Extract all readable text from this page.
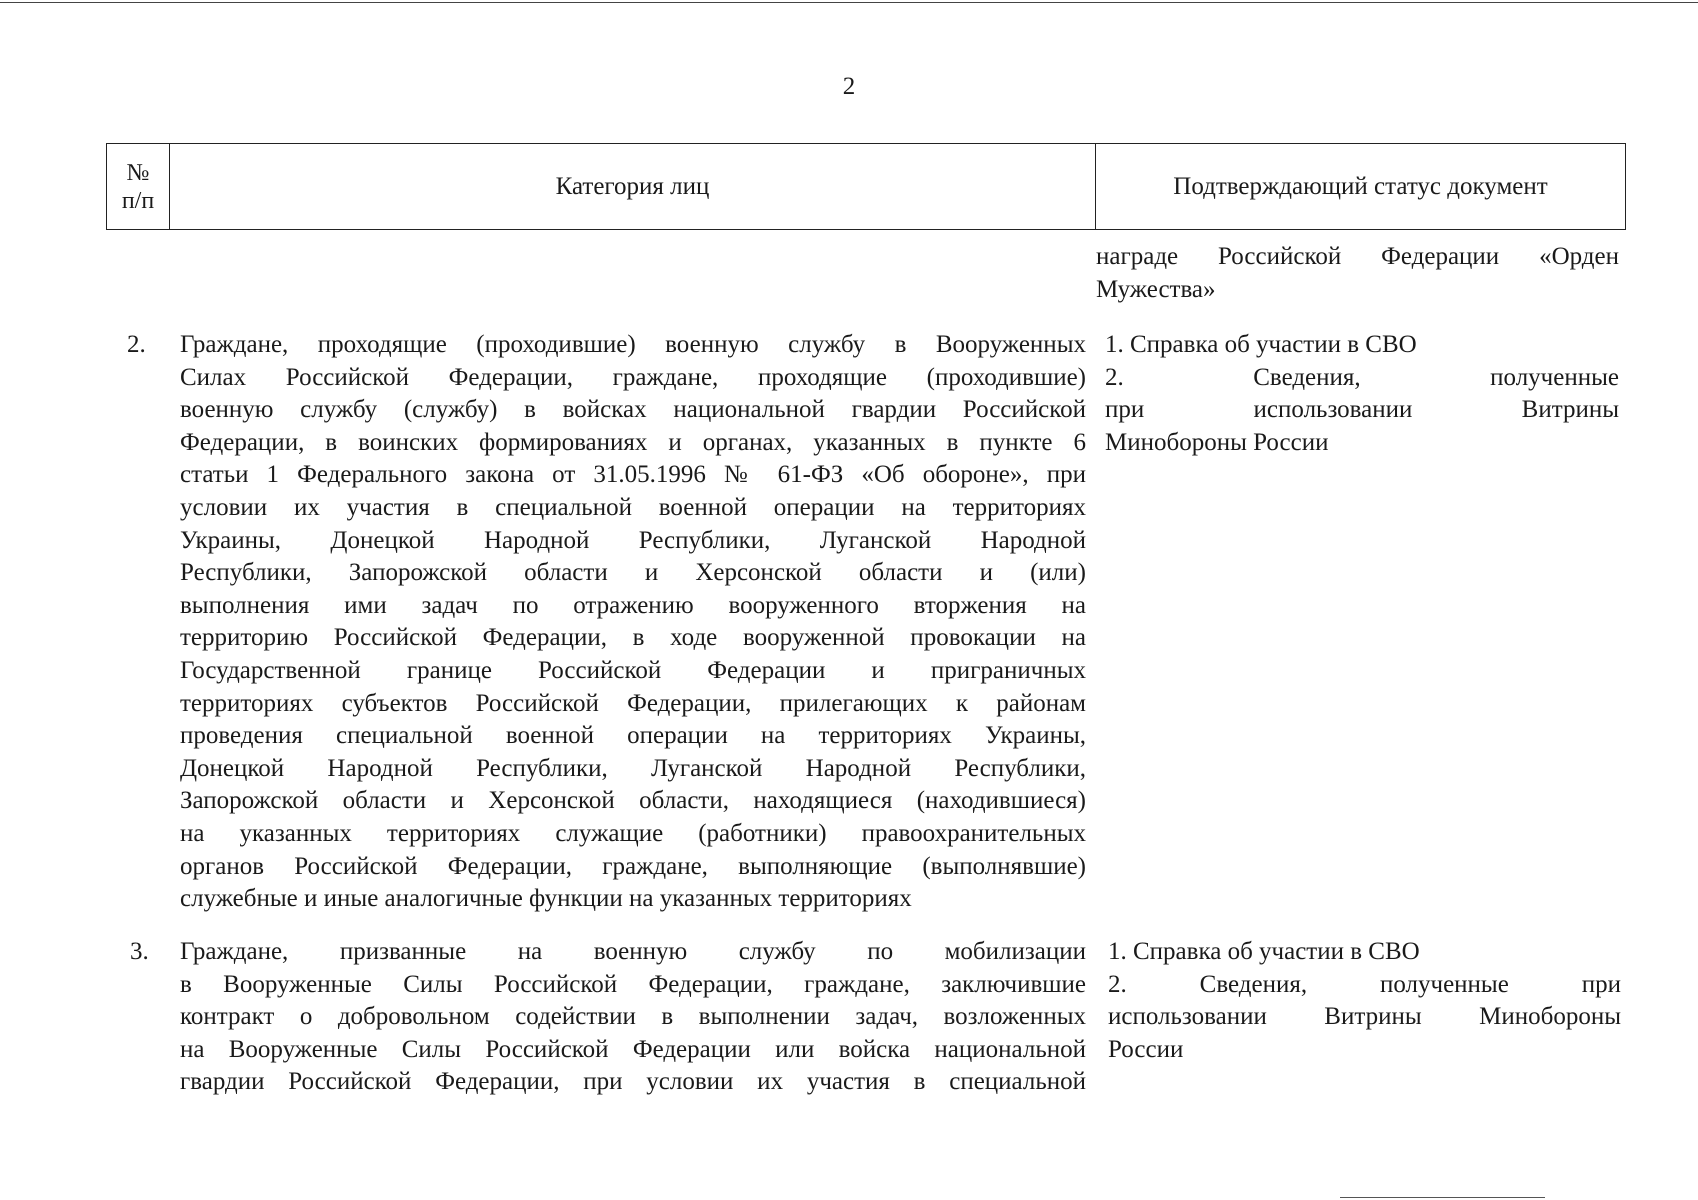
2
№
п/п
Категория лиц	Подтверждающий статус документ
награде Российской Федерации «Орден
Мужества»
2. Граждане, проходящие (проходившие) военную службу в Вооруженных
Силах Российской Федерации, граждане, проходящие (проходившие)
военную службу (службу) в войсках национальной гвардии Российской
Федерации, в воинских формированиях и органах, указанных в пункте 6
статьи 1 Федерального закона от 31.05.1996 № 61-ФЗ «Об обороне», при
условии их участия в специальной военной операции на территориях
Украины, Донецкой Народной Республики, Луганской Народной
Республики, Запорожской области и Херсонской области и (или)
выполнения ими задач по отражению вооруженного вторжения на
территорию Российской Федерации, в ходе вооруженной провокации на
Государственной границе Российской Федерации и приграничных
территориях субъектов Российской Федерации, прилегающих к районам
проведения специальной военной операции на территориях Украины,
Донецкой Народной Республики, Луганской Народной Республики,
Запорожской области и Херсонской области, находящиеся (находившиеся)
на указанных территориях служащие (работники) правоохранительных
органов Российской Федерации, граждане, выполняющие (выполнявшие)
служебные и иные аналогичные функции на указанных территориях
1. Справка об участии в СВО
2. Сведения, полученные
при использовании Витрины
Минобороны России
3. Граждане, призванные на военную службу по мобилизации
в Вооруженные Силы Российской Федерации, граждане, заключившие
контракт о добровольном содействии в выполнении задач, возложенных
на Вооруженные Силы Российской Федерации или войска национальной
гвардии Российской Федерации, при условии их участия в специальной
1. Справка об участии в СВО
2. Сведения, полученные при
использовании Витрины Минобороны
России
